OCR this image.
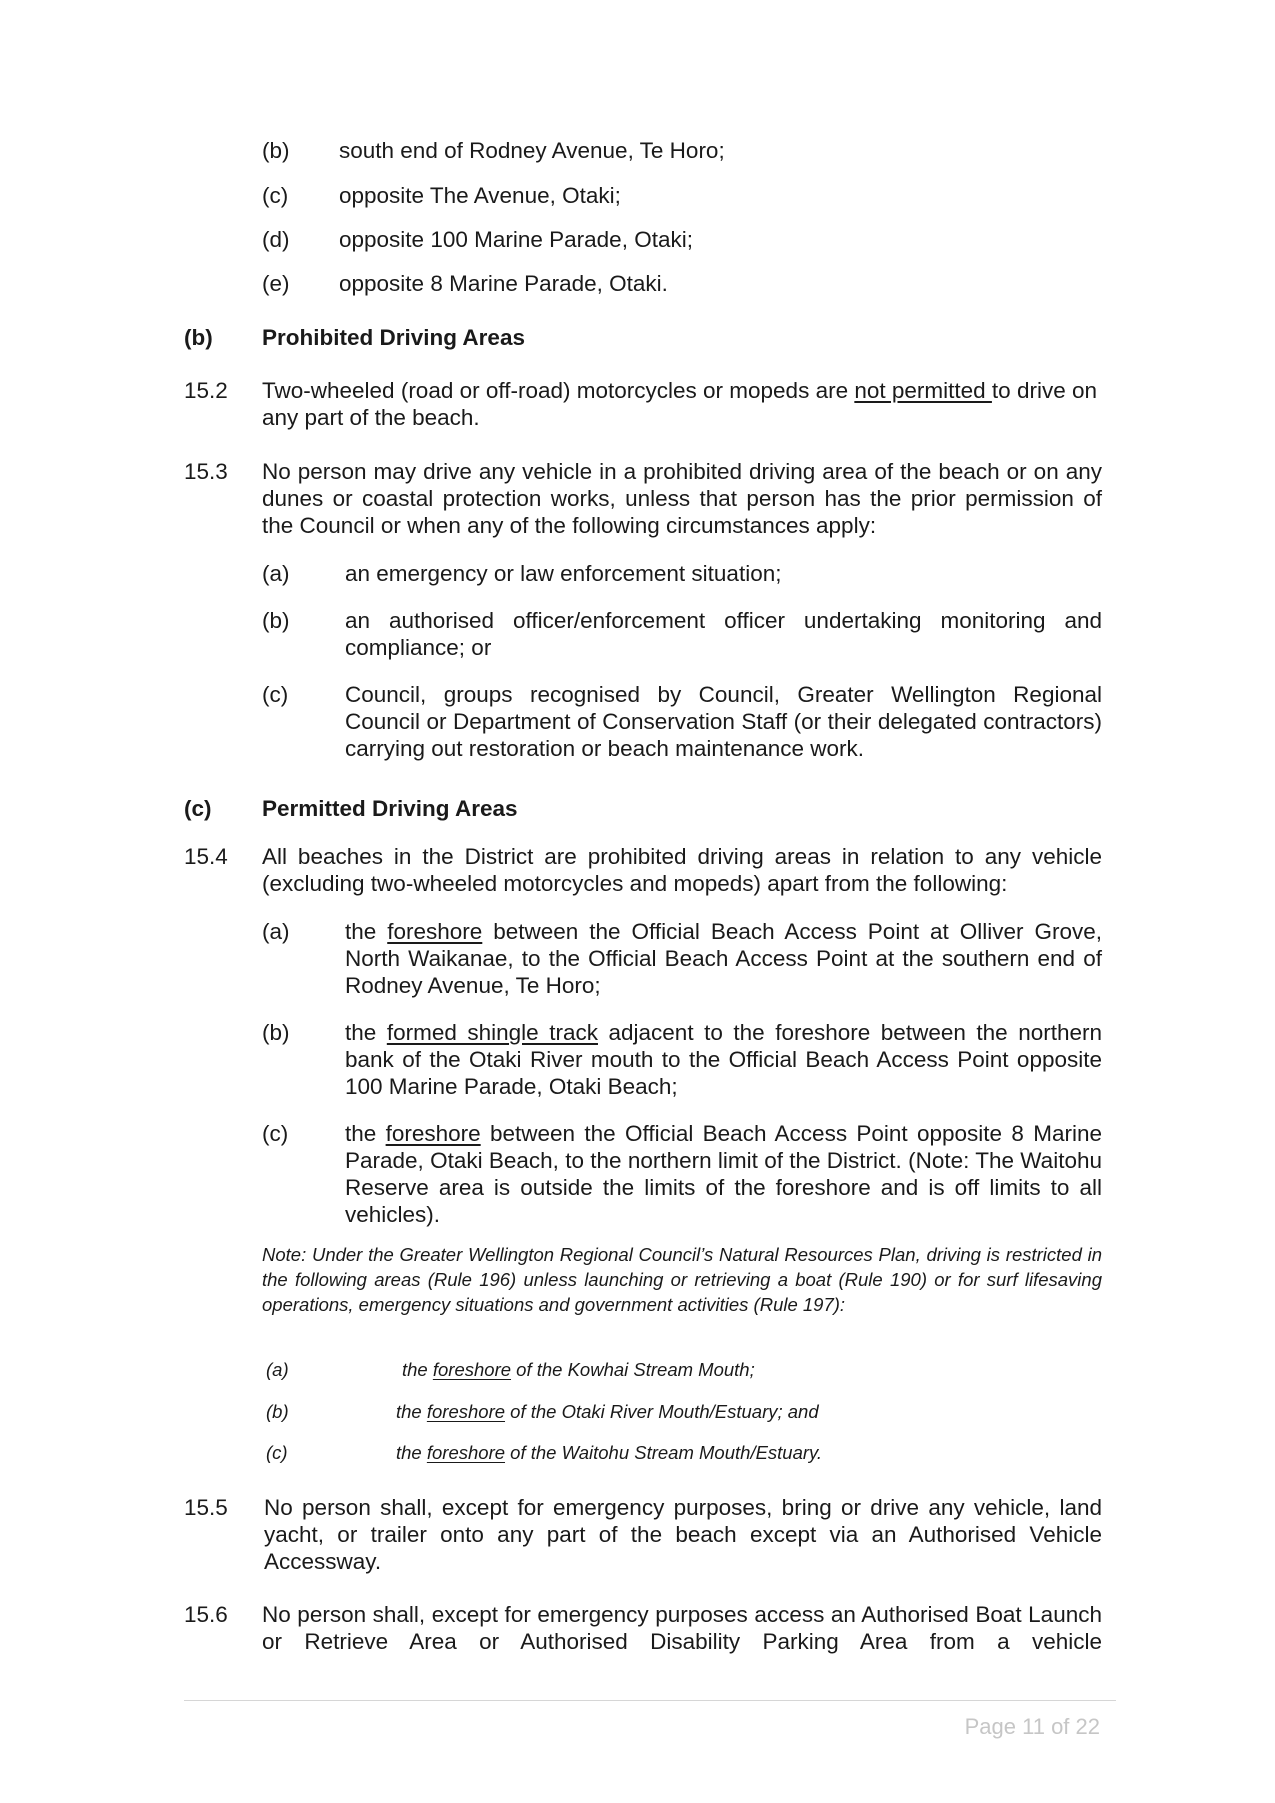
(b) south end of Rodney Avenue, Te Horo;
(c) opposite The Avenue, Otaki;
(d) opposite 100 Marine Parade, Otaki;
(e) opposite 8 Marine Parade, Otaki.
(b) Prohibited Driving Areas
15.2 Two-wheeled (road or off-road) motorcycles or mopeds are not permitted to drive on any part of the beach.
15.3 No person may drive any vehicle in a prohibited driving area of the beach or on any dunes or coastal protection works, unless that person has the prior permission of the Council or when any of the following circumstances apply:
(a) an emergency or law enforcement situation;
(b) an authorised officer/enforcement officer undertaking monitoring and compliance; or
(c)	Council, groups recognised by Council, Greater Wellington Regional Council or Department of Conservation Staff (or their delegated contractors) carrying out restoration or beach maintenance work.
(c) Permitted Driving Areas
15.4 All beaches in the District are prohibited driving areas in relation to any vehicle (excluding two-wheeled motorcycles and mopeds) apart from the following:
(a) the foreshore between the Official Beach Access Point at Olliver Grove, North Waikanae, to the Official Beach Access Point at the southern end of Rodney Avenue, Te Horo;
(b) the formed shingle track adjacent to the foreshore between the northern bank of the Otaki River mouth to the Official Beach Access Point opposite 100 Marine Parade, Otaki Beach;
(c)	the foreshore between the Official Beach Access Point opposite 8 Marine Parade, Otaki Beach, to the northern limit of the District. (Note: The Waitohu Reserve area is outside the limits of the foreshore and is off limits to all vehicles).
Note: Under the Greater Wellington Regional Council’s Natural Resources Plan, driving is restricted in the following areas (Rule 196) unless launching or retrieving a boat (Rule 190) or for surf lifesaving operations, emergency situations and government activities (Rule 197):
(a)	the foreshore of the Kowhai Stream Mouth;
(b)	the foreshore of the Otaki River Mouth/Estuary; and
(c)	the foreshore of the Waitohu Stream Mouth/Estuary.
15.5 No person shall, except for emergency purposes, bring or drive any vehicle, land yacht, or trailer onto any part of the beach except via an Authorised Vehicle Accessway.
15.6 No person shall, except for emergency purposes access an Authorised Boat Launch or Retrieve Area or Authorised Disability Parking Area from a vehicle
Page 11 of 22
